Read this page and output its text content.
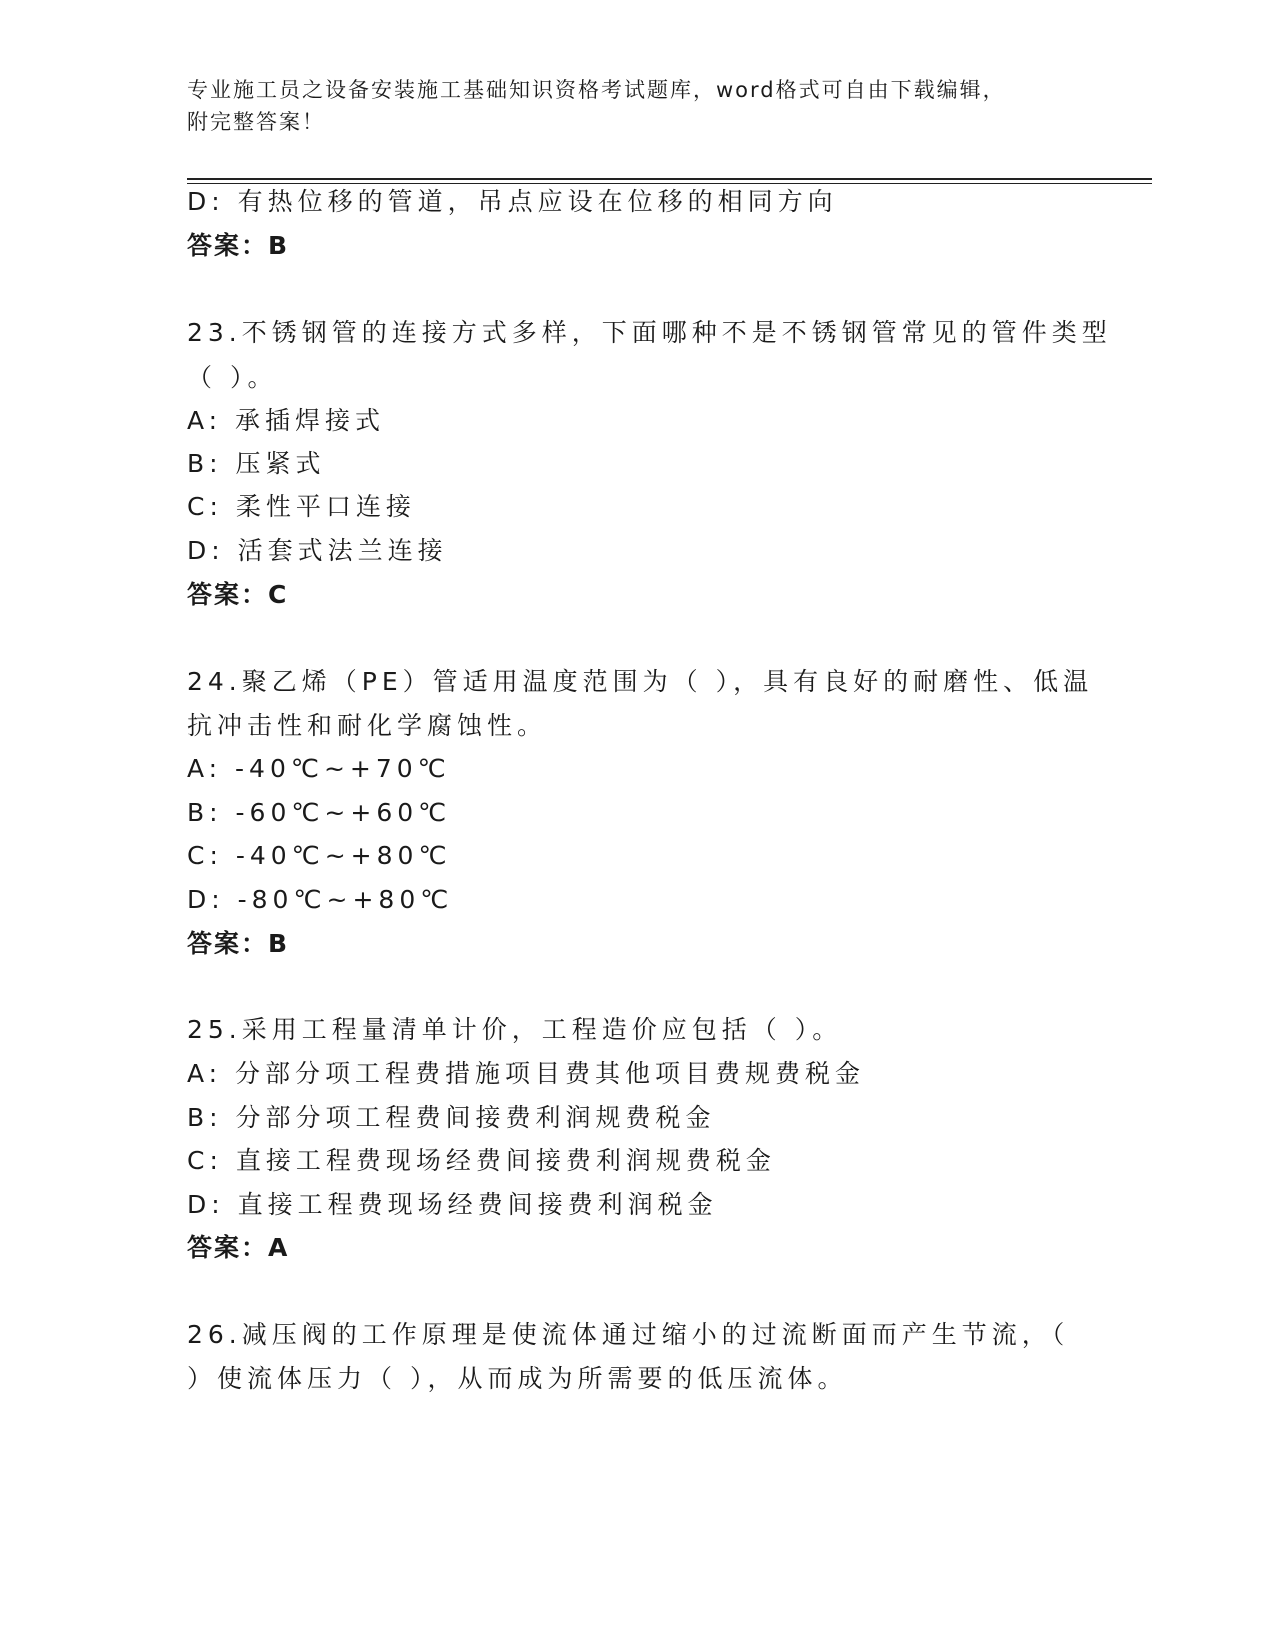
专业施工员之设备安装施工基础知识资格考试题库，word格式可自由下载编辑，
附完整答案！
D: 有热位移的管道，吊点应设在位移的相同方向
答案：B
23.不锈钢管的连接方式多样，下面哪种不是不锈钢管常见的管件类型
（ ）。
A: 承插焊接式
B: 压紧式
C: 柔性平口连接
D: 活套式法兰连接
答案：C
24.聚乙烯（PE）管适用温度范围为（ ），具有良好的耐磨性、低温
抗冲击性和耐化学腐蚀性。
A: -40℃~+70℃
B: -60℃~+60℃
C: -40℃~+80℃
D: -80℃~+80℃
答案：B
25.采用工程量清单计价，工程造价应包括（ ）。
A: 分部分项工程费措施项目费其他项目费规费税金
B: 分部分项工程费间接费利润规费税金
C: 直接工程费现场经费间接费利润规费税金
D: 直接工程费现场经费间接费利润税金
答案：A
26.减压阀的工作原理是使流体通过缩小的过流断面而产生节流，（
）使流体压力（ ），从而成为所需要的低压流体。
